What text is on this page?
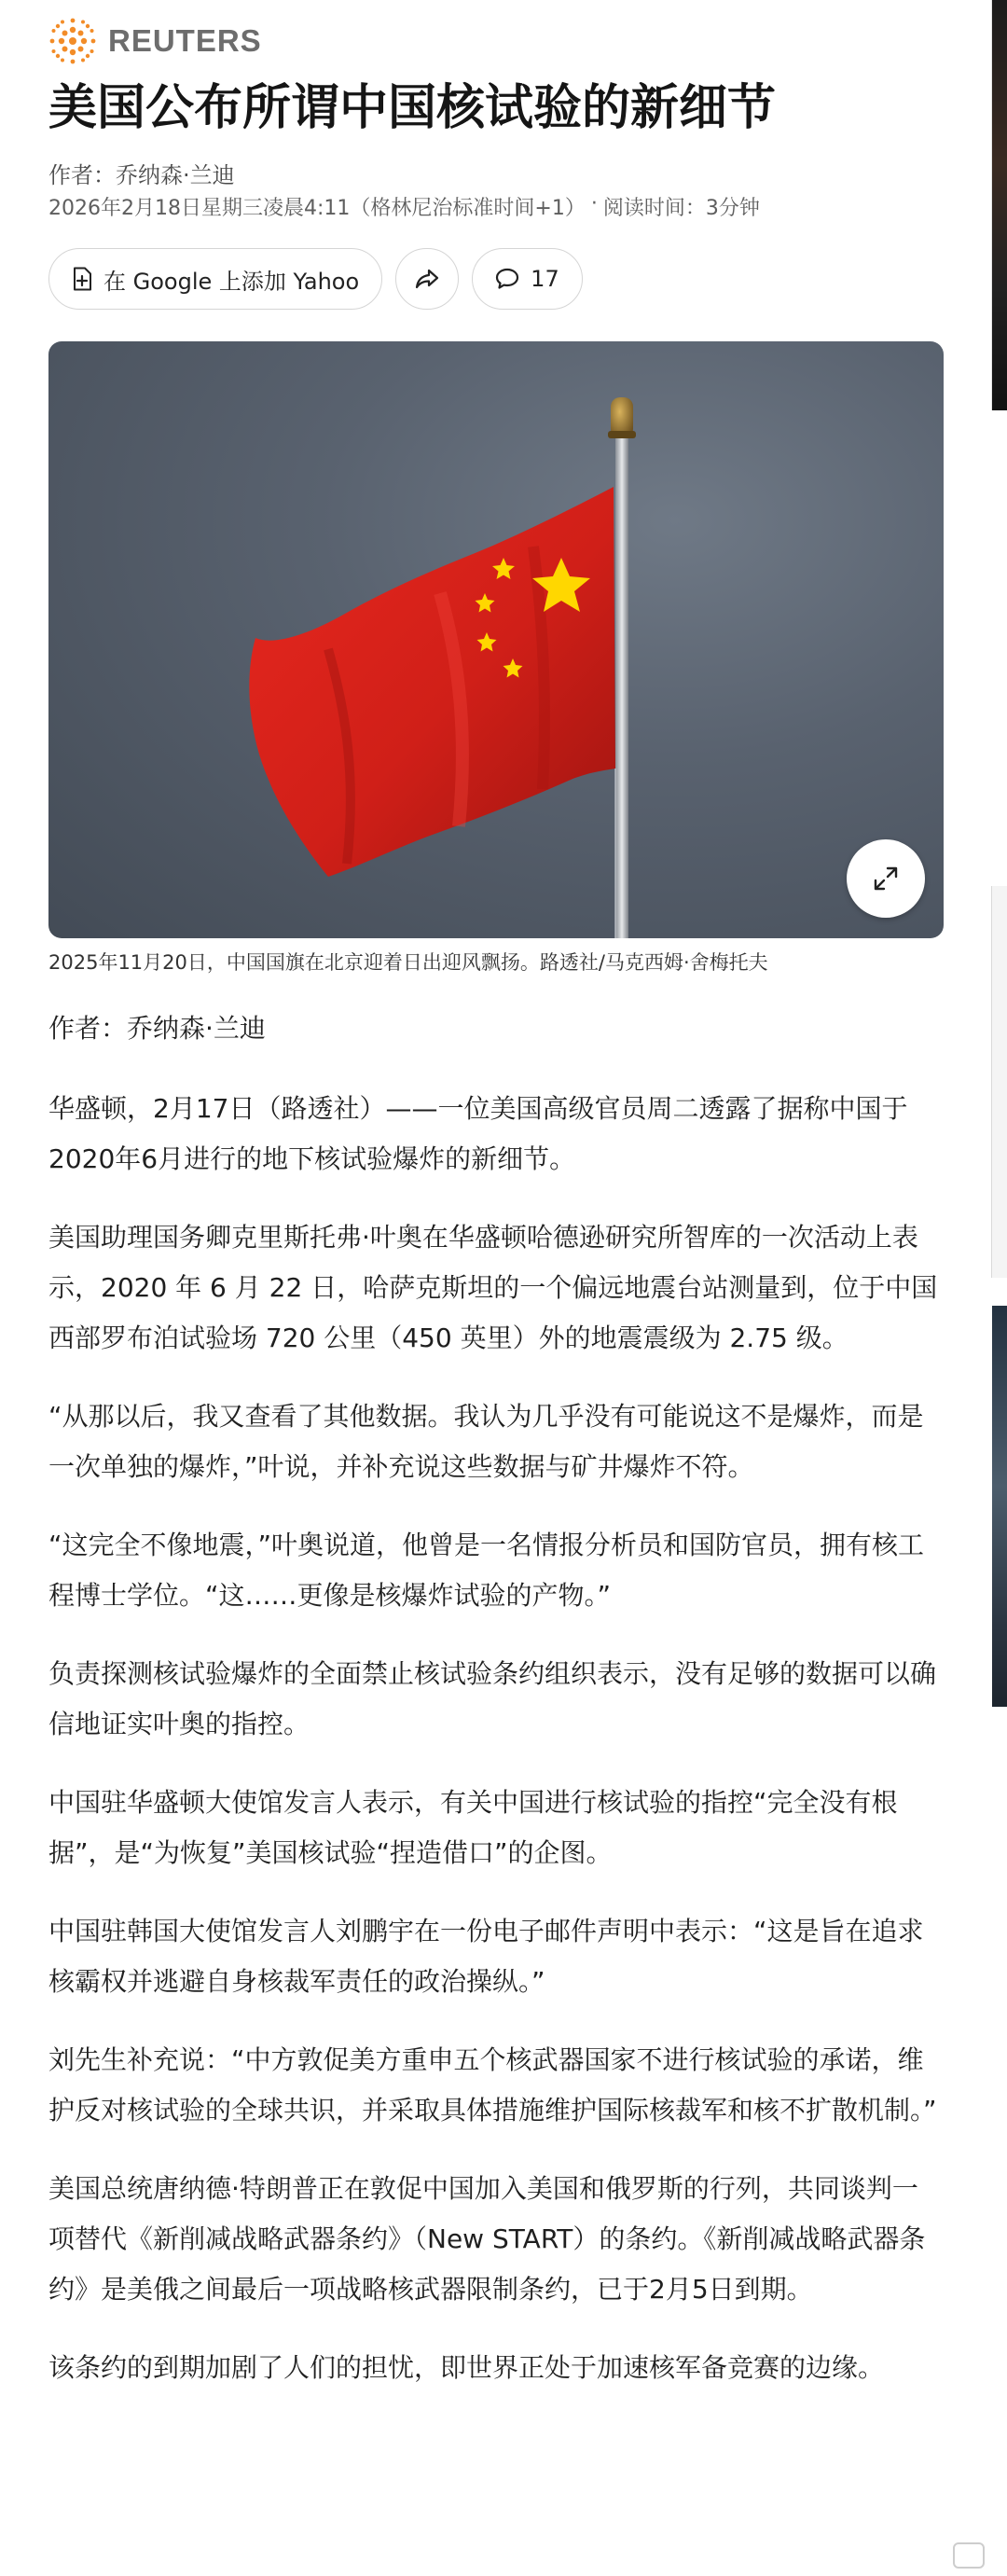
REUTERS
美国公布所谓中国核试验的新细节
作者：乔纳森·兰迪
2026年2月18日星期三凌晨4:11（格林尼治标准时间+1） · 阅读时间：3分钟
在 Google 上添加 Yahoo	17
2025年11月20日，中国国旗在北京迎着日出迎风飘扬。路透社/马克西姆·舍梅托夫

作者：乔纳森·兰迪

华盛顿，2月17日（路透社）——一位美国高级官员周二透露了据称中国于2020年6月进行的地下核试验爆炸的新细节。

美国助理国务卿克里斯托弗·叶奥在华盛顿哈德逊研究所智库的一次活动上表示，2020 年 6 月 22 日，哈萨克斯坦的一个偏远地震台站测量到，位于中国西部罗布泊试验场 720 公里（450 英里）外的地震震级为 2.75 级。

“从那以后，我又查看了其他数据。我认为几乎没有可能说这不是爆炸，而是一次单独的爆炸，”叶说，并补充说这些数据与矿井爆炸不符。

“这完全不像地震，”叶奥说道，他曾是一名情报分析员和国防官员，拥有核工程博士学位。“这……更像是核爆炸试验的产物。”

负责探测核试验爆炸的全面禁止核试验条约组织表示，没有足够的数据可以确信地证实叶奥的指控。

中国驻华盛顿大使馆发言人表示，有关中国进行核试验的指控“完全没有根据”，是“为恢复”美国核试验“捏造借口”的企图。

中国驻韩国大使馆发言人刘鹏宇在一份电子邮件声明中表示：“这是旨在追求核霸权并逃避自身核裁军责任的政治操纵。”

刘先生补充说：“中方敦促美方重申五个核武器国家不进行核试验的承诺，维护反对核试验的全球共识，并采取具体措施维护国际核裁军和核不扩散机制。”

美国总统唐纳德·特朗普正在敦促中国加入美国和俄罗斯的行列，共同谈判一项替代《新削减战略武器条约》（New START）的条约。《新削减战略武器条约》是美俄之间最后一项战略核武器限制条约，已于2月5日到期。

该条约的到期加剧了人们的担忧，即世界正处于加速核军备竞赛的边缘。
